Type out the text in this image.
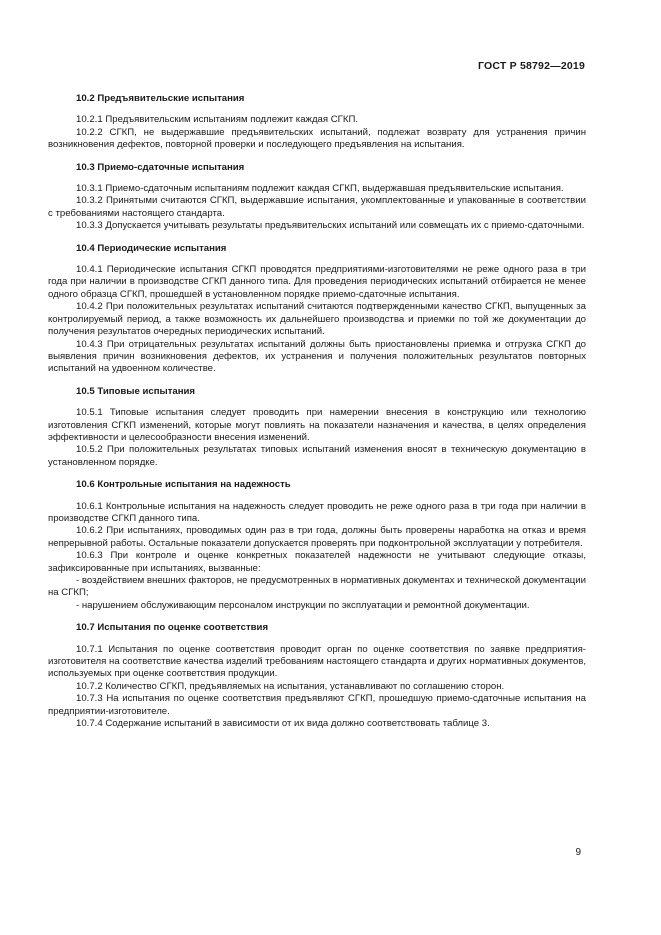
ГОСТ Р 58792—2019
10.2 Предъявительские испытания

10.2.1 Предъявительским испытаниям подлежит каждая СГКП.

10.2.2 СГКП, не выдержавшие предъявительских испытаний, подлежат возврату для устранения причин возникновения дефектов, повторной проверки и последующего предъявления на испытания.

10.3 Приемо-сдаточные испытания

10.3.1 Приемо-сдаточным испытаниям подлежит каждая СГКП, выдержавшая предъявительские испытания.

10.3.2 Принятыми считаются СГКП, выдержавшие испытания, укомплектованные и упакованные в соответствии с требованиями настоящего стандарта.

10.3.3 Допускается учитывать результаты предъявительских испытаний или совмещать их с приемо-сдаточными.

10.4 Периодические испытания

10.4.1 Периодические испытания СГКП проводятся предприятиями-изготовителями не реже одного раза в три года при наличии в производстве СГКП данного типа. Для проведения периодических испытаний отбирается не менее одного образца СГКП, прошедшей в установленном порядке приемо-сдаточные испытания.

10.4.2 При положительных результатах испытаний считаются подтвержденными качество СГКП, выпущенных за контролируемый период, а также возможность их дальнейшего производства и приемки по той же документации до получения результатов очередных периодических испытаний.

10.4.3 При отрицательных результатах испытаний должны быть приостановлены приемка и отгрузка СГКП до выявления причин возникновения дефектов, их устранения и получения положительных результатов повторных испытаний на удвоенном количестве.

10.5 Типовые испытания

10.5.1 Типовые испытания следует проводить при намерении внесения в конструкцию или технологию изготовления СГКП изменений, которые могут повлиять на показатели назначения и качества, в целях определения эффективности и целесообразности внесения изменений.

10.5.2 При положительных результатах типовых испытаний изменения вносят в техническую документацию в установленном порядке.

10.6 Контрольные испытания на надежность

10.6.1 Контрольные испытания на надежность следует проводить не реже одного раза в три года при наличии в производстве СГКП данного типа.

10.6.2 При испытаниях, проводимых один раз в три года, должны быть проверены наработка на отказ и время непрерывной работы. Остальные показатели допускается проверять при подконтрольной эксплуатации у потребителя.

10.6.3 При контроле и оценке конкретных показателей надежности не учитывают следующие отказы, зафиксированные при испытаниях, вызванные:

- воздействием внешних факторов, не предусмотренных в нормативных документах и технической документации на СГКП;

- нарушением обслуживающим персоналом инструкции по эксплуатации и ремонтной документации.

10.7 Испытания по оценке соответствия

10.7.1 Испытания по оценке соответствия проводит орган по оценке соответствия по заявке предприятия-изготовителя на соответствие качества изделий требованиям настоящего стандарта и других нормативных документов, используемых при оценке соответствия продукции.

10.7.2 Количество СГКП, предъявляемых на испытания, устанавливают по соглашению сторон.

10.7.3 На испытания по оценке соответствия предъявляют СГКП, прошедшую приемо-сдаточные испытания на предприятии-изготовителе.

10.7.4 Содержание испытаний в зависимости от их вида должно соответствовать таблице 3.

9
